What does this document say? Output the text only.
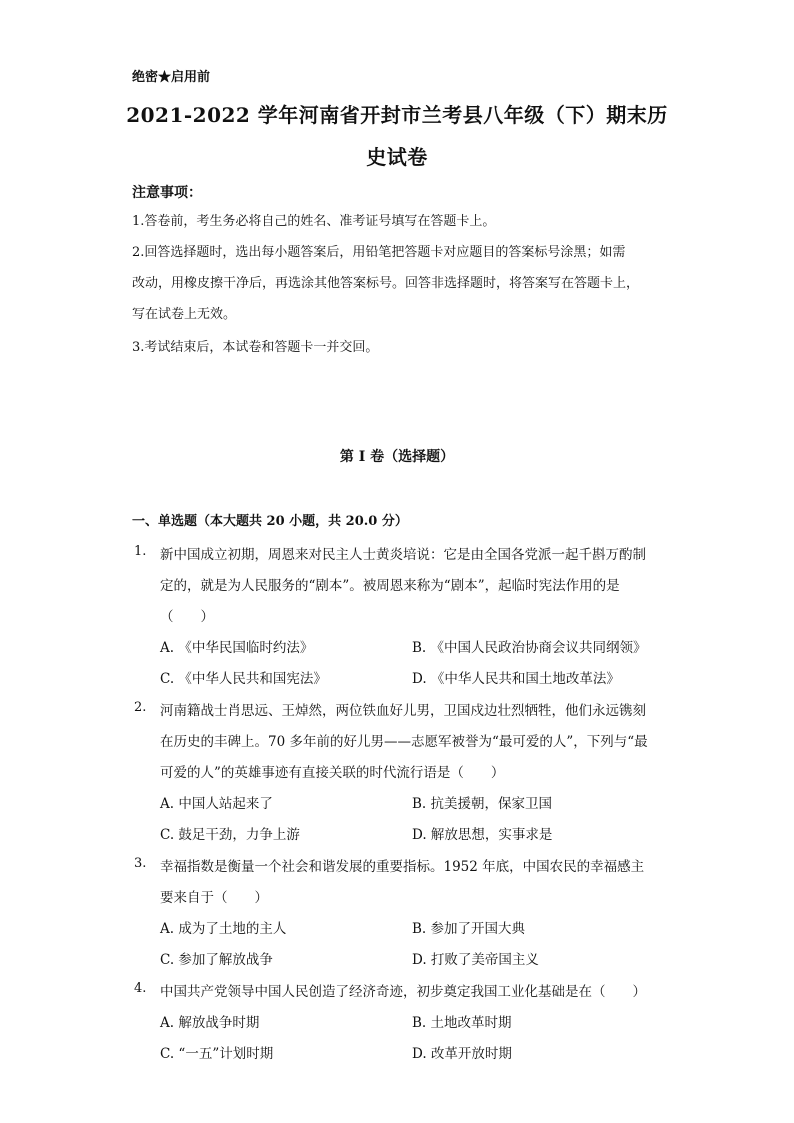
绝密★启用前
2021-2022 学年河南省开封市兰考县八年级（下）期末历
史试卷
注意事项：
1.答卷前，考生务必将自己的姓名、准考证号填写在答题卡上。
2.回答选择题时，选出每小题答案后，用铅笔把答题卡对应题目的答案标号涂黑；如需
改动，用橡皮擦干净后，再选涂其他答案标号。回答非选择题时，将答案写在答题卡上，
写在试卷上无效。
3.考试结束后，本试卷和答题卡一并交回。
第 I 卷（选择题）
一、单选题（本大题共 20 小题，共 20.0 分）
1. 新中国成立初期，周恩来对民主人士黄炎培说：它是由全国各党派一起千斟万酌制
定的，就是为人民服务的“剧本”。被周恩来称为“剧本”，起临时宪法作用的是
（　　）
A. 《中华民国临时约法》	B. 《中国人民政治协商会议共同纲领》
C. 《中华人民共和国宪法》	D. 《中华人民共和国土地改革法》
2. 河南籍战士肖思远、王焯然，两位铁血好儿男，卫国戍边壮烈牺牲，他们永远镌刻
在历史的丰碑上。70 多年前的好儿男——志愿军被誉为“最可爱的人”，下列与“最
可爱的人”的英雄事迹有直接关联的时代流行语是（　　）
A. 中国人站起来了	B. 抗美援朝，保家卫国
C. 鼓足干劲，力争上游	D. 解放思想，实事求是
3. 幸福指数是衡量一个社会和谐发展的重要指标。1952 年底，中国农民的幸福感主
要来自于（　　）
A. 成为了土地的主人	B. 参加了开国大典
C. 参加了解放战争	D. 打败了美帝国主义
4. 中国共产党领导中国人民创造了经济奇迹，初步奠定我国工业化基础是在（　　）
A. 解放战争时期	B. 土地改革时期
C. “一五”计划时期	D. 改革开放时期
